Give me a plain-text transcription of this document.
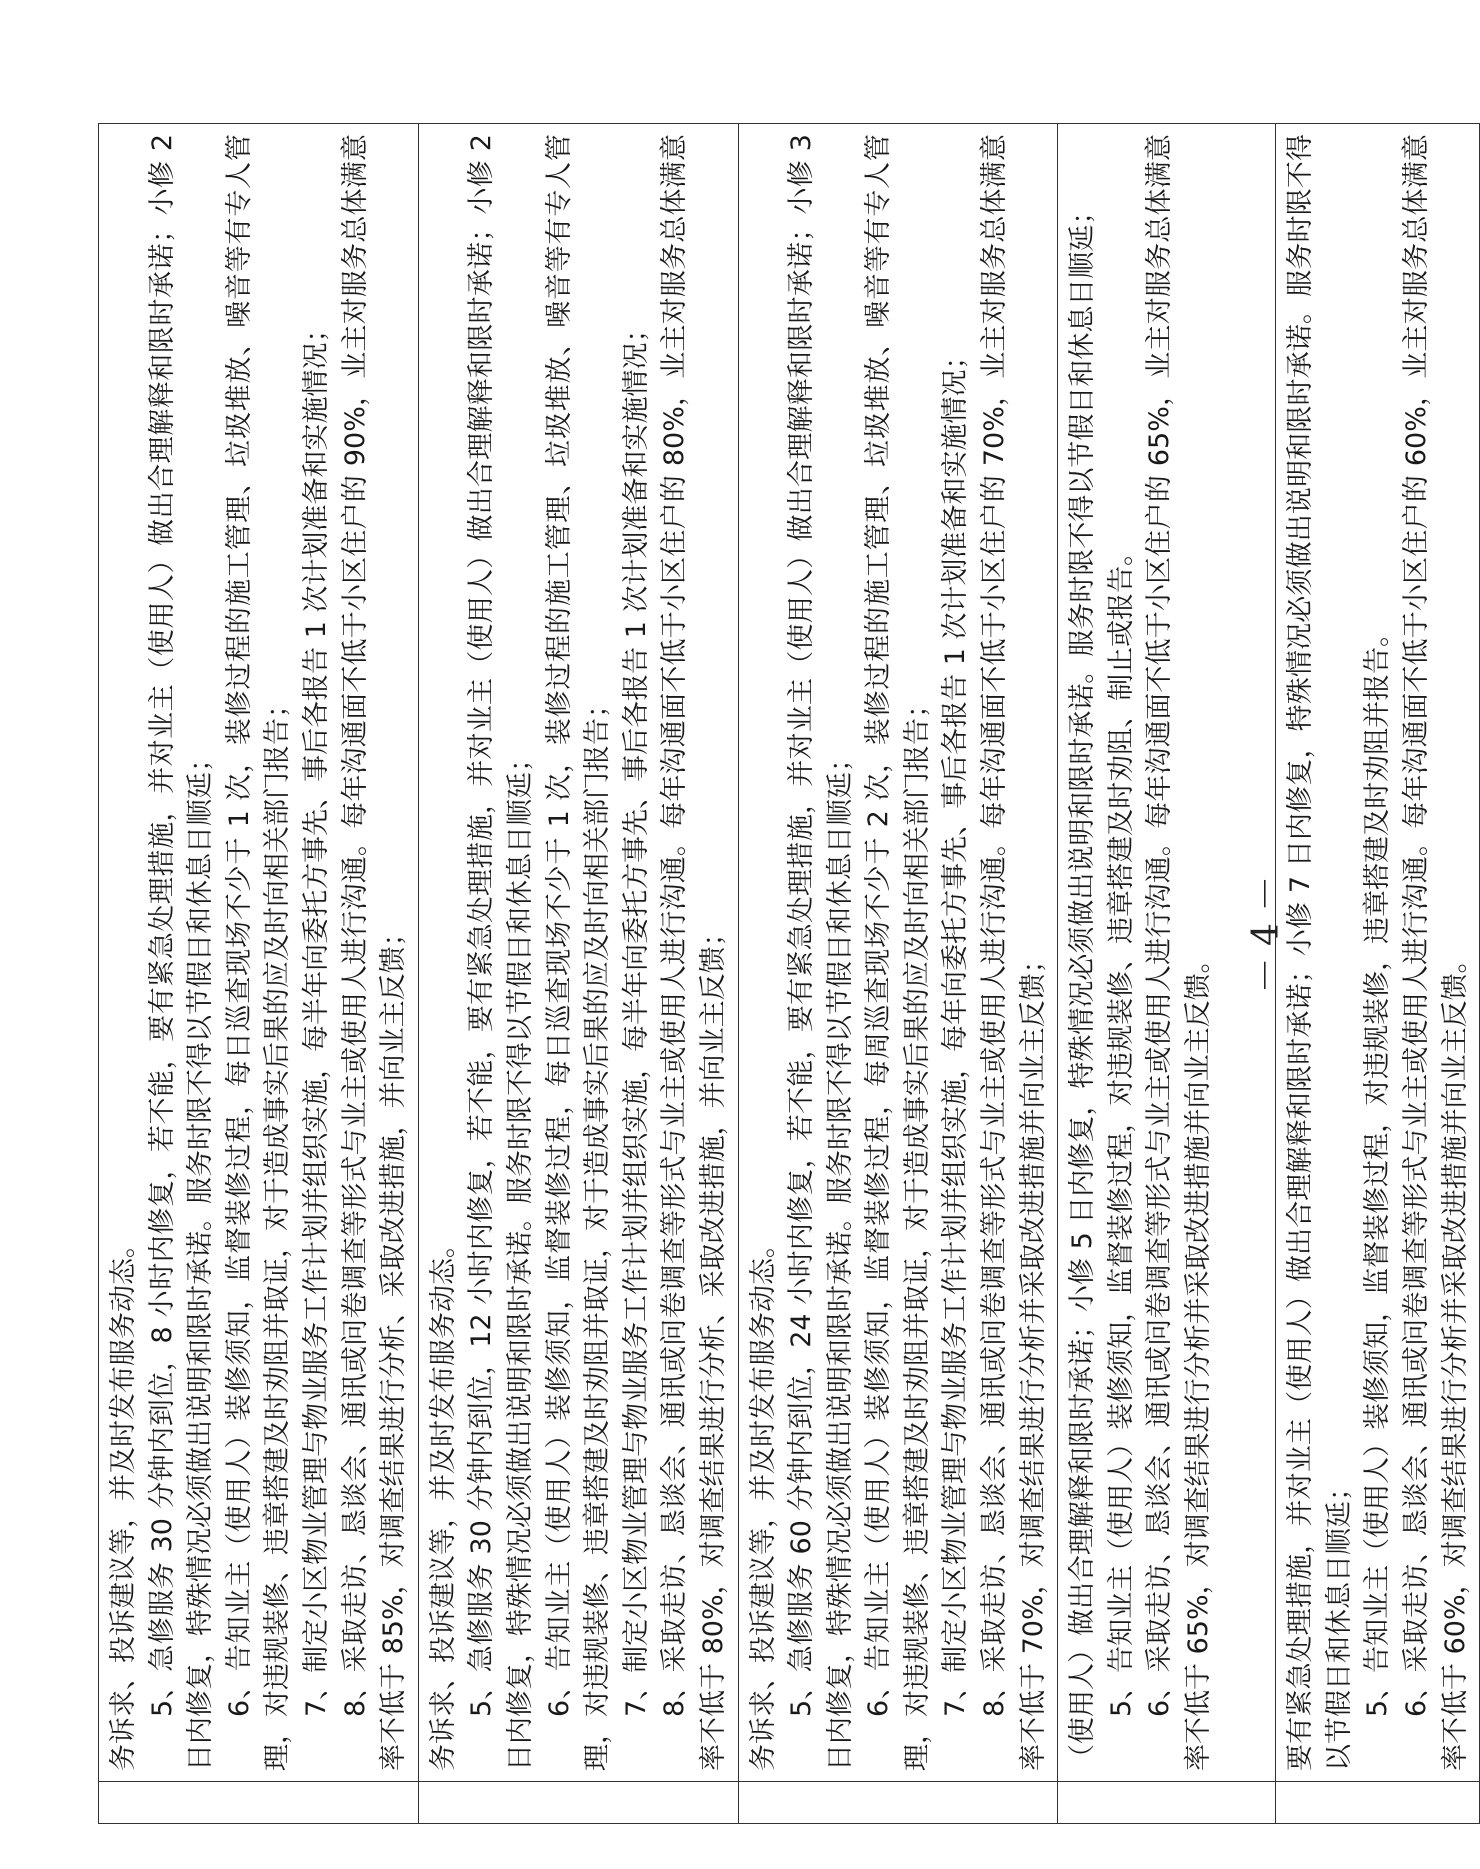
	务诉求、投诉建议等，并及时发布服务动态。 5、急修服务 30 分钟内到位，8 小时内修复，若不能，要有紧急处理措施，并对业主（使用人）做出合理解释和限时承诺；小修 2 日内修复，特殊情况必须做出说明和限时承诺。服务时限不得以节假日和休息日顺延； 6、告知业主（使用人）装修须知，监督装修过程，每日巡查现场不少于 1 次，装修过程的施工管理、垃圾堆放、噪音等有专人管理，对违规装修、违章搭建及时劝阻并取证，对于造成事实后果的应及时向相关部门报告； 7、制定小区物业管理与物业服务工作计划并组织实施，每半年向委托方事先、事后各报告 1 次计划准备和实施情况； 8、采取走访、恳谈会、通讯或问卷调查等形式与业主或使用人进行沟通。每年沟通面不低于小区住户的 90%，业主对服务总体满意率不低于 85%，对调查结果进行分析、采取改进措施，并向业主反馈；

	务诉求、投诉建议等，并及时发布服务动态。 5、急修服务 30 分钟内到位，12 小时内修复，若不能，要有紧急处理措施，并对业主（使用人）做出合理解释和限时承诺；小修 2 日内修复，特殊情况必须做出说明和限时承诺。服务时限不得以节假日和休息日顺延； 6、告知业主（使用人）装修须知，监督装修过程，每日巡查现场不少于 1 次，装修过程的施工管理、垃圾堆放、噪音等有专人管理，对违规装修、违章搭建及时劝阻并取证，对于造成事实后果的应及时向相关部门报告； 7、制定小区物业管理与物业服务工作计划并组织实施，每半年向委托方事先、事后各报告 1 次计划准备和实施情况； 8、采取走访、恳谈会、通讯或问卷调查等形式与业主或使用人进行沟通。每年沟通面不低于小区住户的 80%，业主对服务总体满意率不低于 80%，对调查结果进行分析、采取改进措施，并向业主反馈；

	务诉求、投诉建议等，并及时发布服务动态。 5、急修服务 60 分钟内到位，24 小时内修复，若不能，要有紧急处理措施，并对业主（使用人）做出合理解释和限时承诺；小修 3 日内修复，特殊情况必须做出说明和限时承诺。服务时限不得以节假日和休息日顺延； 6、告知业主（使用人）装修须知，监督装修过程，每周巡查现场不少于 2 次，装修过程的施工管理、垃圾堆放、噪音等有专人管理，对违规装修、违章搭建及时劝阻并取证，对于造成事实后果的应及时向相关部门报告； 7、制定小区物业管理与物业服务工作计划并组织实施，每年向委托方事先、事后各报告 1 次计划准备和实施情况； 8、采取走访、恳谈会、通讯或问卷调查等形式与业主或使用人进行沟通。每年沟通面不低于小区住户的 70%，业主对服务总体满意率不低于 70%，对调查结果进行分析并采取改进措施并向业主反馈；

	（使用人）做出合理解释和限时承诺；小修 5 日内修复，特殊情况必须做出说明和限时承诺。服务时限不得以节假日和休息日顺延； 5、告知业主（使用人）装修须知，监督装修过程，对违规装修、违章搭建及时劝阻、制止或报告。 6、采取走访、恳谈会、通讯或问卷调查等形式与业主或使用人进行沟通。每年沟通面不低于小区住户的 65%，业主对服务总体满意率不低于 65%，对调查结果进行分析并采取改进措施并向业主反馈。

	要有紧急处理措施，并对业主（使用人）做出合理解释和限时承诺；小修 7 日内修复，特殊情况必须做出说明和限时承诺。服务时限不得以节假日和休息日顺延； 5、告知业主（使用人）装修须知，监督装修过程，对违规装修，违章搭建及时劝阻并报告。 6、采取走访、恳谈会、通讯或问卷调查等形式与业主或使用人进行沟通。每年沟通面不低于小区住户的 60%，业主对服务总体满意率不低于 60%，对调查结果进行分析并采取改进措施并向业主反馈。

－ 4 －
